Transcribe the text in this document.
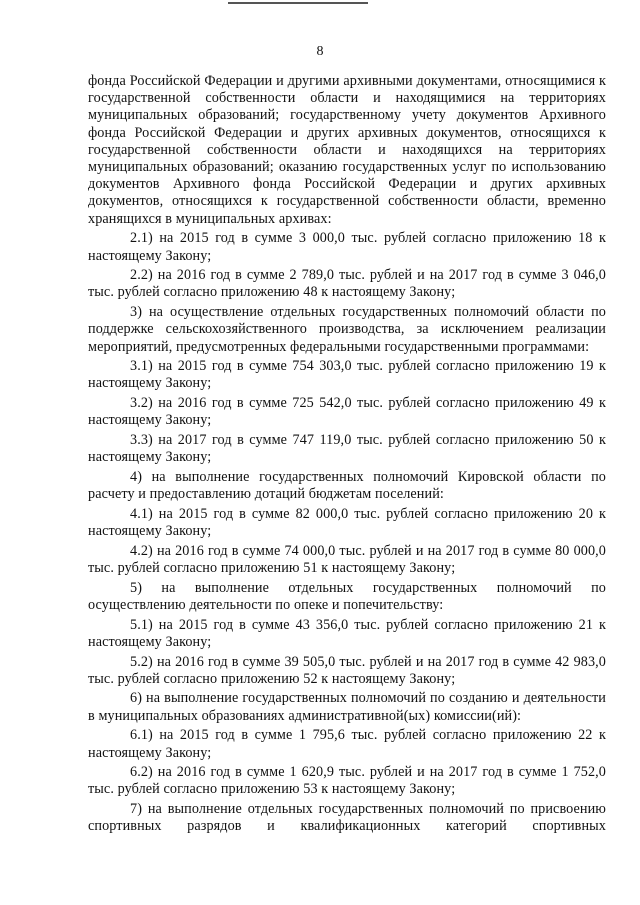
8

фонда Российской Федерации и другими архивными документами, относящимися к государственной собственности области и находящимися на территориях муниципальных образований; государственному учету документов Архивного фонда Российской Федерации и других архивных документов, относящихся к государственной собственности области и находящихся на территориях муниципальных образований; оказанию государственных услуг по использованию документов Архивного фонда Российской Федерации и других архивных документов, относящихся к государственной собственности области, временно хранящихся в муниципальных архивах:

2.1) на 2015 год в сумме 3 000,0 тыс. рублей согласно приложению 18 к настоящему Закону;

2.2) на 2016 год в сумме 2 789,0 тыс. рублей и на 2017 год в сумме 3 046,0 тыс. рублей согласно приложению 48 к настоящему Закону;

3) на осуществление отдельных государственных полномочий области по поддержке сельскохозяйственного производства, за исключением реализации мероприятий, предусмотренных федеральными государственными программами:

3.1) на 2015 год в сумме 754 303,0 тыс. рублей согласно приложению 19 к настоящему Закону;

3.2) на 2016 год в сумме 725 542,0 тыс. рублей согласно приложению 49 к настоящему Закону;

3.3) на 2017 год в сумме 747 119,0 тыс. рублей согласно приложению 50 к настоящему Закону;

4) на выполнение государственных полномочий Кировской области по расчету и предоставлению дотаций бюджетам поселений:

4.1) на 2015 год в сумме 82 000,0 тыс. рублей согласно приложению 20 к настоящему Закону;

4.2) на 2016 год в сумме 74 000,0 тыс. рублей и на 2017 год в сумме 80 000,0 тыс. рублей согласно приложению 51 к настоящему Закону;

5) на выполнение отдельных государственных полномочий по осуществлению деятельности по опеке и попечительству:

5.1) на 2015 год в сумме 43 356,0 тыс. рублей согласно приложению 21 к настоящему Закону;

5.2) на 2016 год в сумме 39 505,0 тыс. рублей и на 2017 год в сумме 42 983,0 тыс. рублей согласно приложению 52 к настоящему Закону;

6) на выполнение государственных полномочий по созданию и деятельности в муниципальных образованиях административной(ых) комиссии(ий):

6.1) на 2015 год в сумме 1 795,6 тыс. рублей согласно приложению 22 к настоящему Закону;

6.2) на 2016 год в сумме 1 620,9 тыс. рублей и на 2017 год в сумме 1 752,0 тыс. рублей согласно приложению 53 к настоящему Закону;

7) на выполнение отдельных государственных полномочий по присвоению спортивных разрядов и квалификационных категорий спортивных
